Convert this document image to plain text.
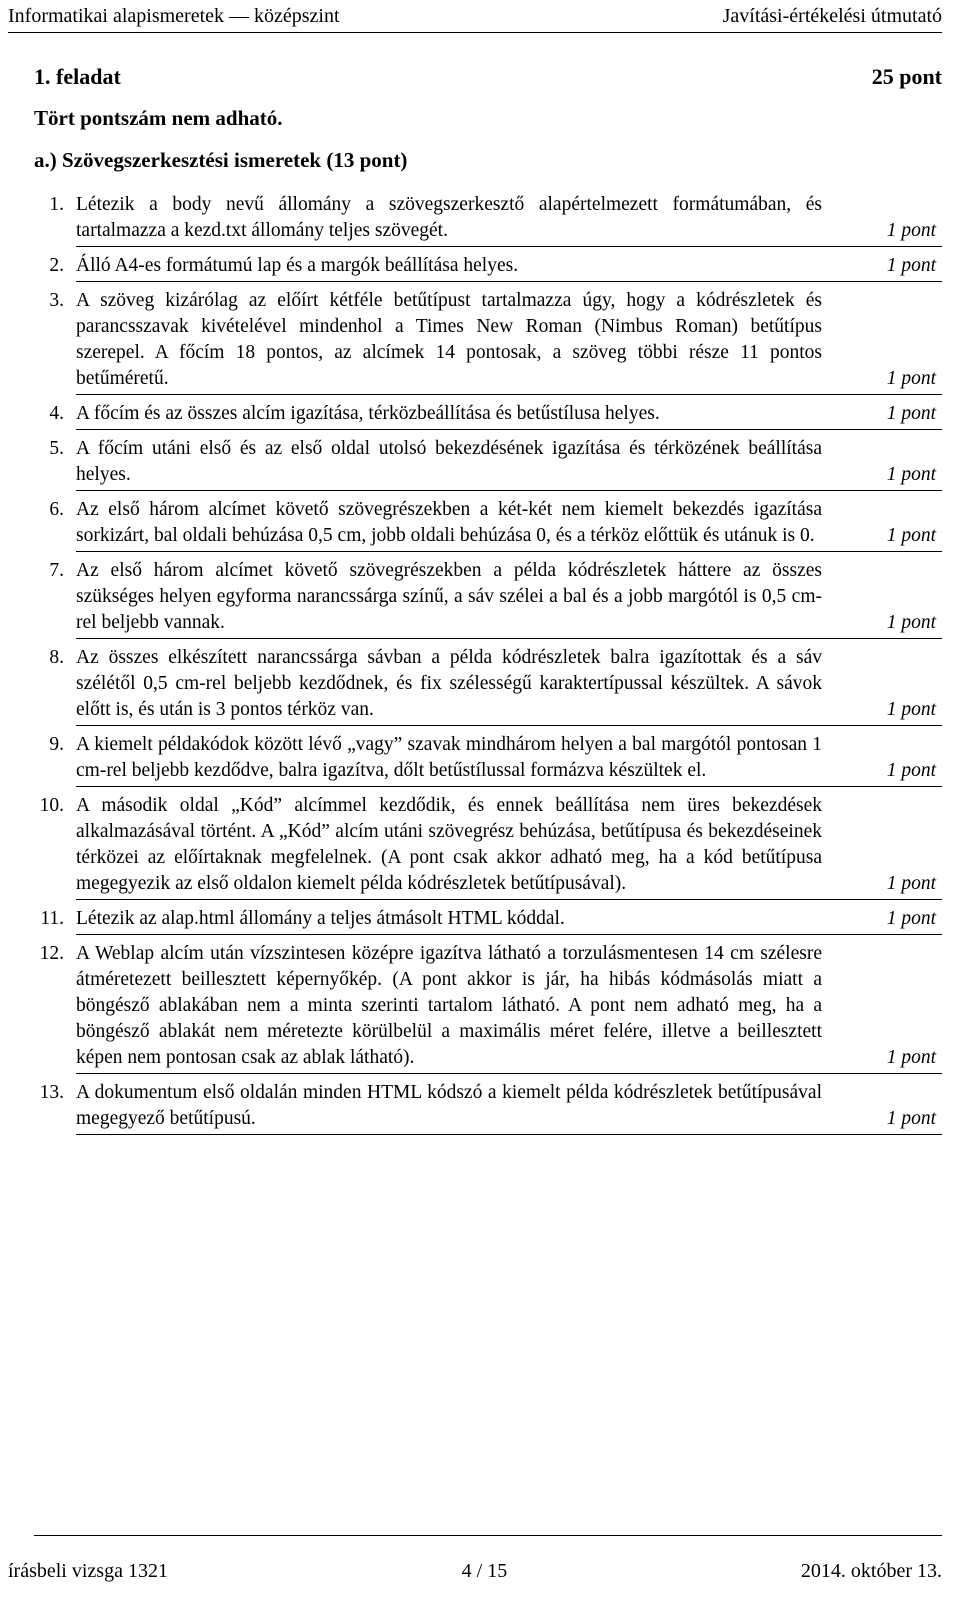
Informatikai alapismeretek — középszint	Javítási-értékelési útmutató
1. feladat	25 pont
Tört pontszám nem adható.
a.) Szövegszerkesztési ismeretek (13 pont)
1. Létezik a body nevű állomány a szövegszerkesztő alapértelmezett formátumában, és tartalmazza a kezd.txt állomány teljes szövegét.	1 pont
2. Álló A4-es formátumú lap és a margók beállítása helyes.	1 pont
3. A szöveg kizárólag az előírt kétféle betűtípust tartalmazza úgy, hogy a kódrészletek és parancsszavak kivételével mindenhol a Times New Roman (Nimbus Roman) betűtípus szerepel. A főcím 18 pontos, az alcímek 14 pontosak, a szöveg többi része 11 pontos betűméretű.	1 pont
4. A főcím és az összes alcím igazítása, térközbeállítása és betűstílusa helyes.	1 pont
5. A főcím utáni első és az első oldal utolsó bekezdésének igazítása és térközének beállítása helyes.	1 pont
6. Az első három alcímet követő szövegrészekben a két-két nem kiemelt bekezdés igazítása sorkizárt, bal oldali behúzása 0,5 cm, jobb oldali behúzása 0, és a térköz előttük és utánuk is 0.	1 pont
7. Az első három alcímet követő szövegrészekben a példa kódrészletek háttere az összes szükséges helyen egyforma narancssárga színű, a sáv szélei a bal és a jobb margótól is 0,5 cm-rel beljebb vannak.	1 pont
8. Az összes elkészített narancssárga sávban a példa kódrészletek balra igazítottak és a sáv szélétől 0,5 cm-rel beljebb kezdődnek, és fix szélességű karaktertípussal készültek. A sávok előtt is, és után is 3 pontos térköz van.	1 pont
9. A kiemelt példakódok között lévő „vagy” szavak mindhárom helyen a bal margótól pontosan 1 cm-rel beljebb kezdődve, balra igazítva, dőlt betűstílussal formázva készültek el.	1 pont
10. A második oldal „Kód” alcímmel kezdődik, és ennek beállítása nem üres bekezdések alkalmazásával történt. A „Kód” alcím utáni szövegrész behúzása, betűtípusa és bekezdéseinek térközei az előírtaknak megfelelnek. (A pont csak akkor adható meg, ha a kód betűtípusa megegyezik az első oldalon kiemelt példa kódrészletek betűtípusával).	1 pont
11. Létezik az alap.html állomány a teljes átmásolt HTML kóddal.	1 pont
12. A Weblap alcím után vízszintesen középre igazítva látható a torzulásmentesen 14 cm szélesre átméretezett beillesztett képernyőkép. (A pont akkor is jár, ha hibás kódmásolás miatt a böngésző ablakában nem a minta szerinti tartalom látható. A pont nem adható meg, ha a böngésző ablakát nem méretezte körülbelül a maximális méret felére, illetve a beillesztett képen nem pontosan csak az ablak látható).	1 pont
13. A dokumentum első oldalán minden HTML kódszó a kiemelt példa kódrészletek betűtípusával megegyező betűtípusú.	1 pont
írásbeli vizsga 1321	4 / 15	2014. október 13.
